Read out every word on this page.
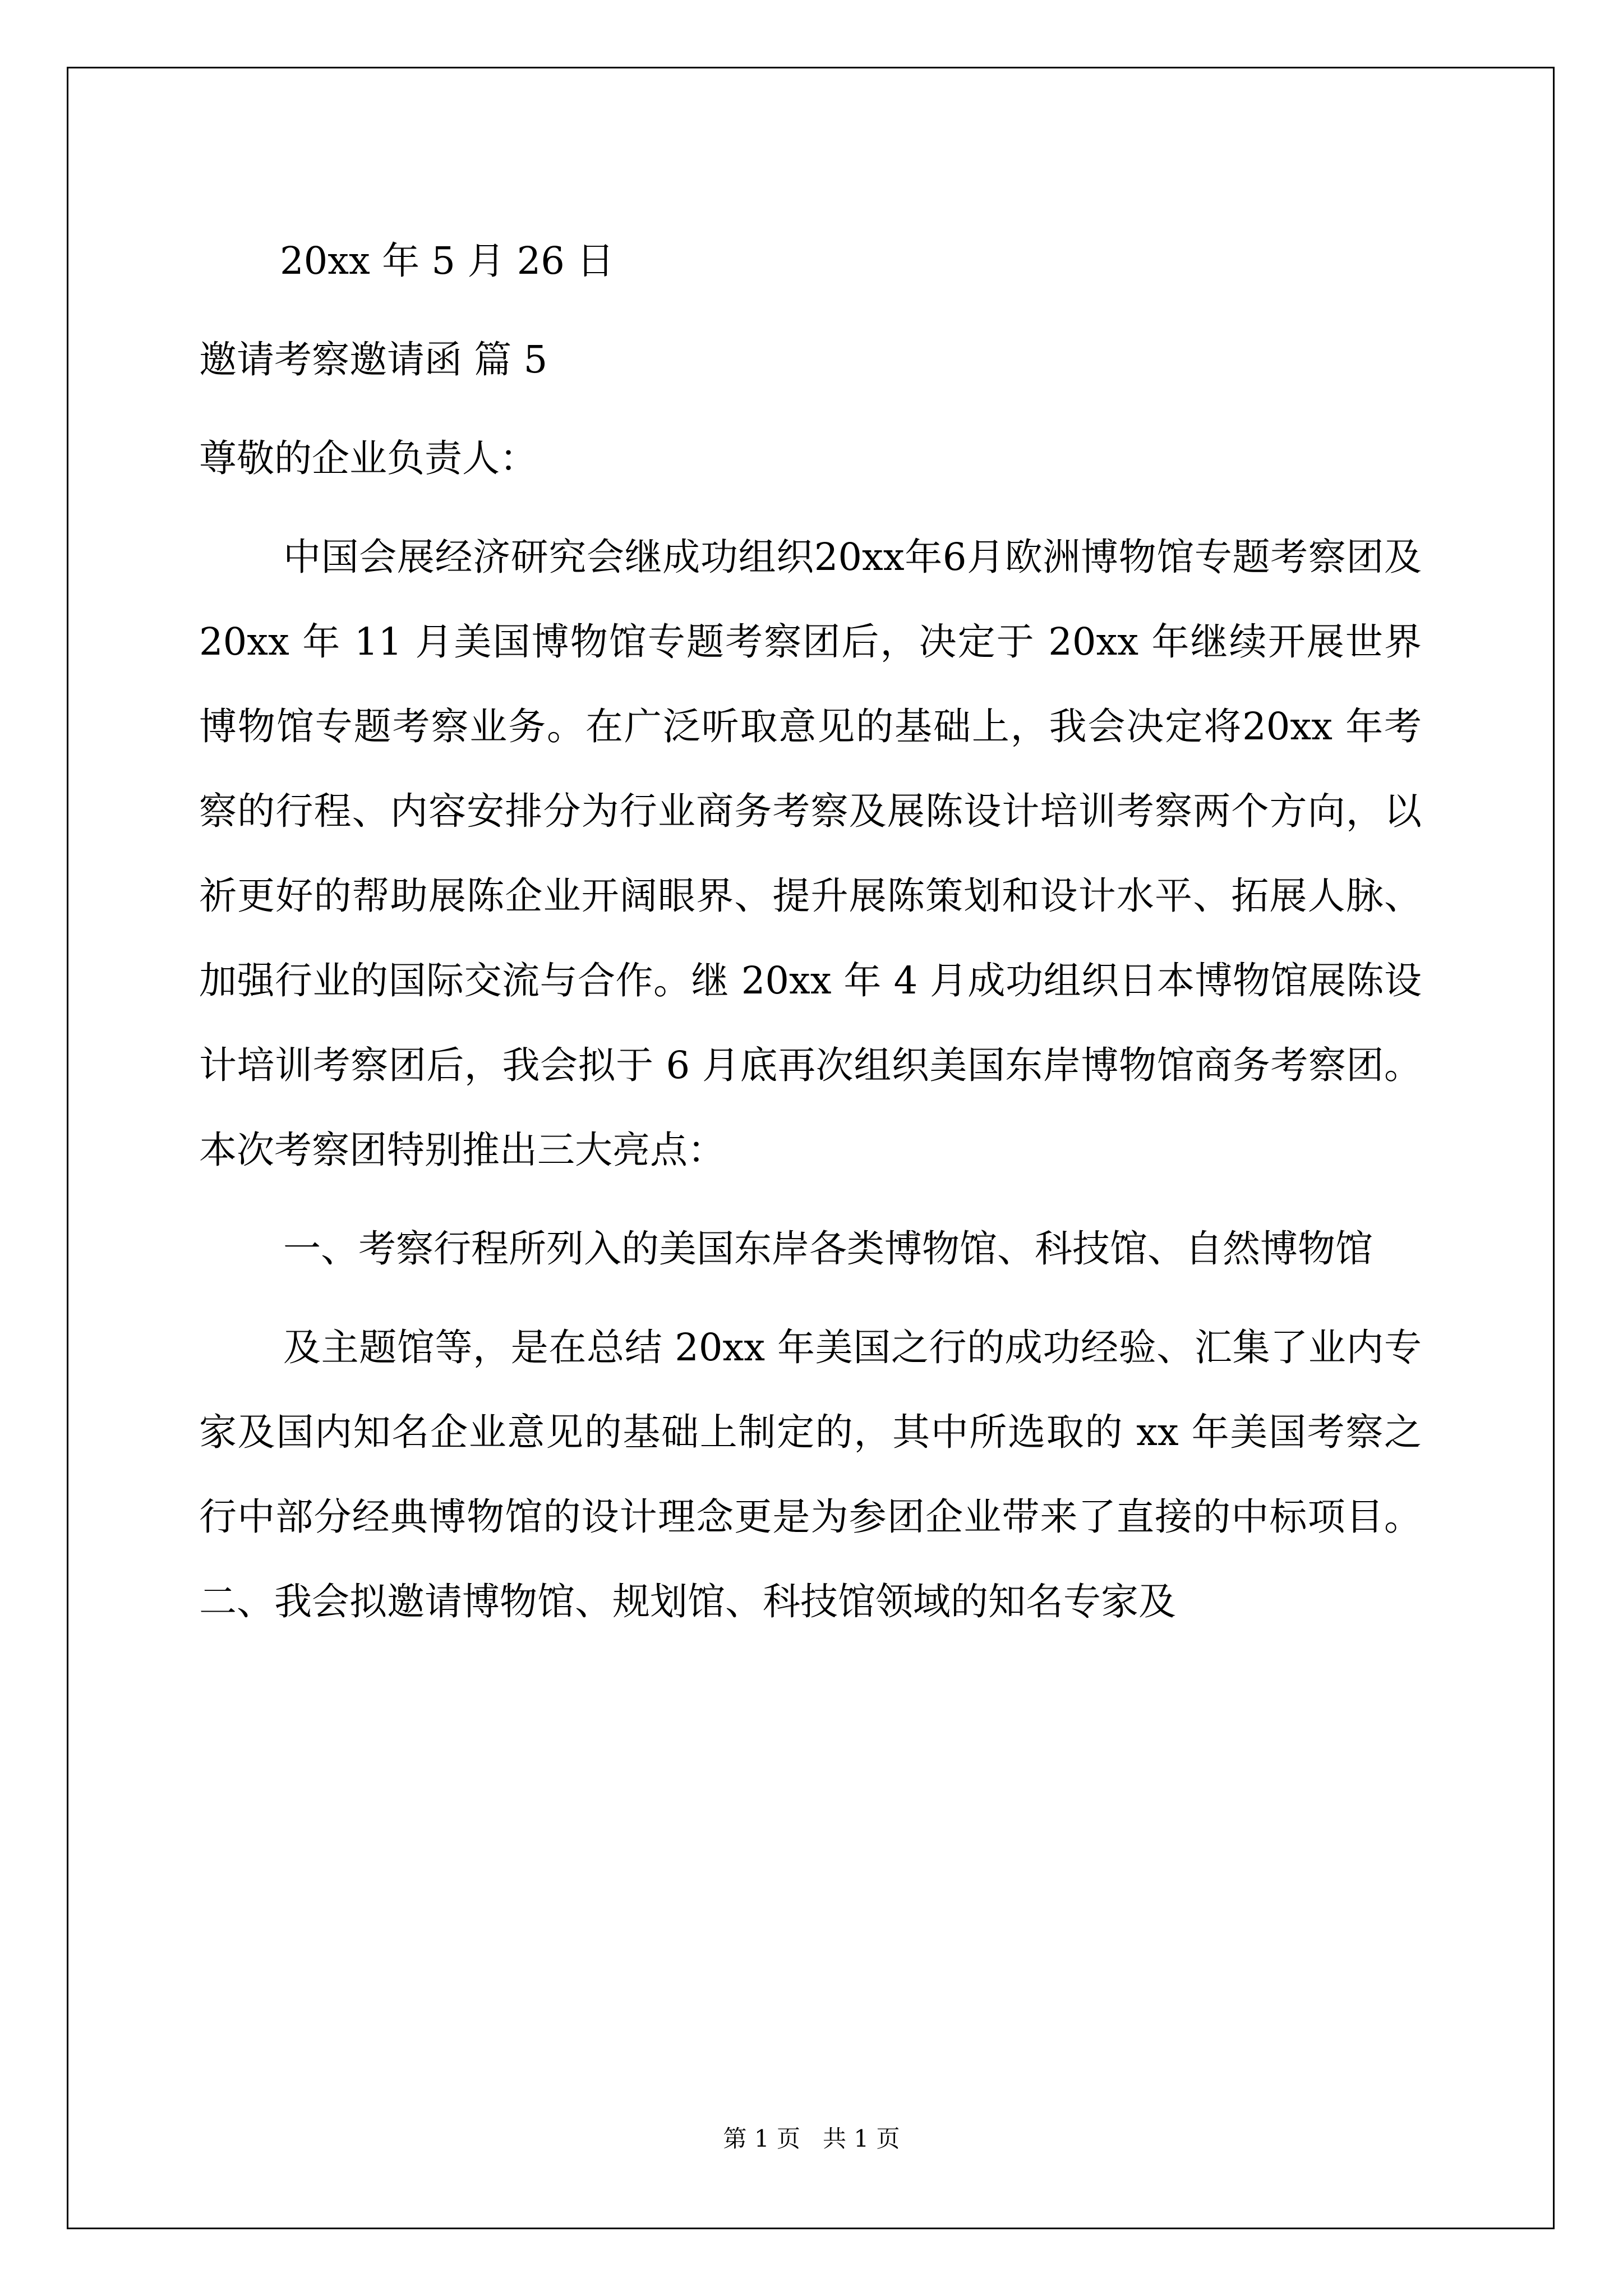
20xx 年 5 月 26 日

邀请考察邀请函 篇 5

尊敬的企业负责人：

中国会展经济研究会继成功组织20xx年6月欧洲博物馆专题考察团及 20xx 年 11 月美国博物馆专题考察团后，决定于 20xx 年继续开展世界博物馆专题考察业务。在广泛听取意见的基础上，我会决定将20xx 年考察的行程、内容安排分为行业商务考察及展陈设计培训考察两个方向，以祈更好的帮助展陈企业开阔眼界、提升展陈策划和设计水平、拓展人脉、加强行业的国际交流与合作。继 20xx 年 4 月成功组织日本博物馆展陈设计培训考察团后，我会拟于 6 月底再次组织美国东岸博物馆商务考察团。本次考察团特别推出三大亮点：

一、考察行程所列入的美国东岸各类博物馆、科技馆、自然博物馆

及主题馆等，是在总结 20xx 年美国之行的成功经验、汇集了业内专家及国内知名企业意见的基础上制定的，其中所选取的 xx 年美国考察之行中部分经典博物馆的设计理念更是为参团企业带来了直接的中标项目。二、我会拟邀请博物馆、规划馆、科技馆领域的知名专家及

第 1 页 共 1 页
